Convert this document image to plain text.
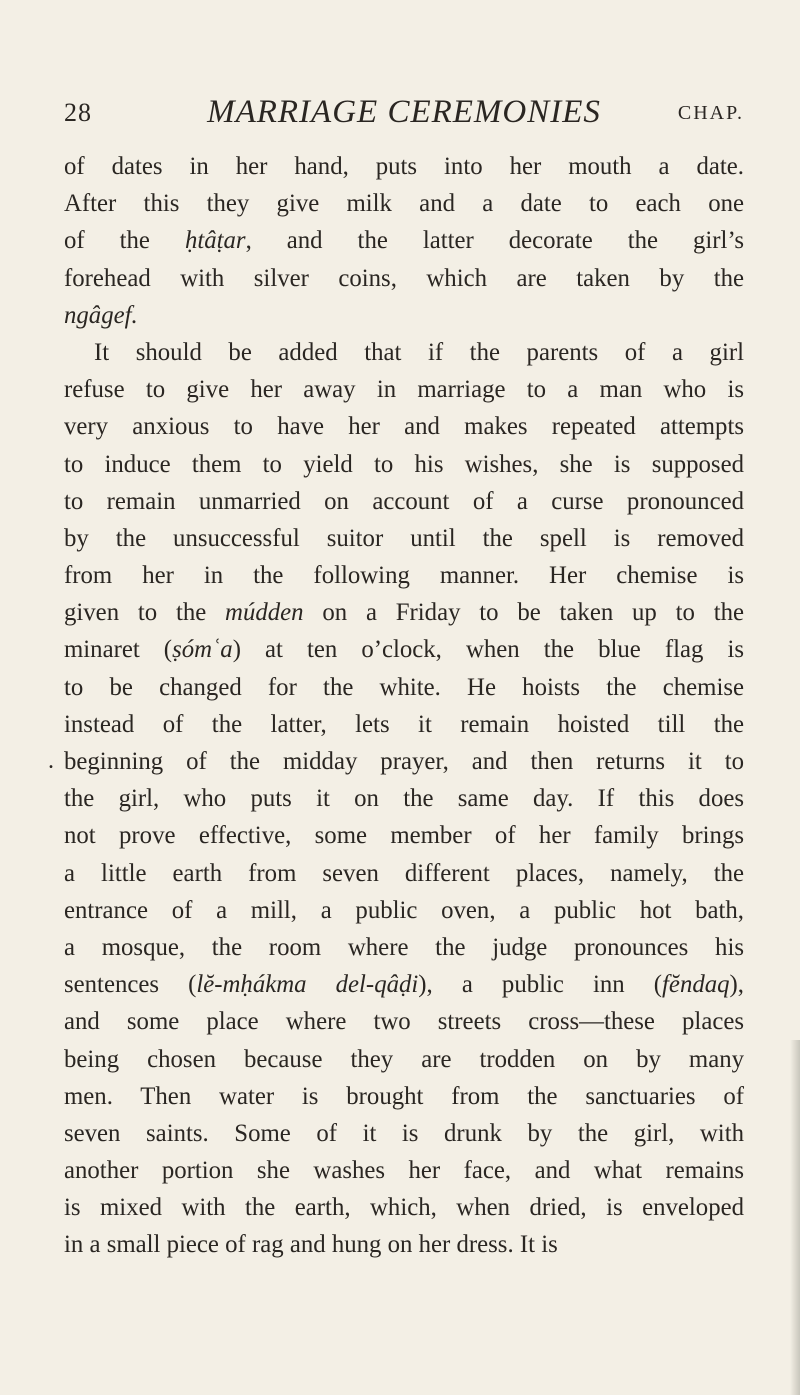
28	MARRIAGE CEREMONIES	CHAP.
.
of dates in her hand, puts into her mouth a date.
After this they give milk and a date to each one
of the ḥtâṭar, and the latter decorate the girl’s
forehead with silver coins, which are taken by the
ngâgef.
It should be added that if the parents of a girl
refuse to give her away in marriage to a man who is
very anxious to have her and makes repeated attempts
to induce them to yield to his wishes, she is supposed
to remain unmarried on account of a curse pronounced
by the unsuccessful suitor until the spell is removed
from her in the following manner. Her chemise is
given to the múdden on a Friday to be taken up to the
minaret (ṣómʿa) at ten o’clock, when the blue flag is
to be changed for the white. He hoists the chemise
instead of the latter, lets it remain hoisted till the
beginning of the midday prayer, and then returns it to
the girl, who puts it on the same day. If this does
not prove effective, some member of her family brings
a little earth from seven different places, namely, the
entrance of a mill, a public oven, a public hot bath,
a mosque, the room where the judge pronounces his
sentences (lĕ-mḥákma del-qâḍi), a public inn (fĕndaq),
and some place where two streets cross—these places
being chosen because they are trodden on by many
men. Then water is brought from the sanctuaries of
seven saints. Some of it is drunk by the girl, with
another portion she washes her face, and what remains
is mixed with the earth, which, when dried, is enveloped
in a small piece of rag and hung on her dress. It is
